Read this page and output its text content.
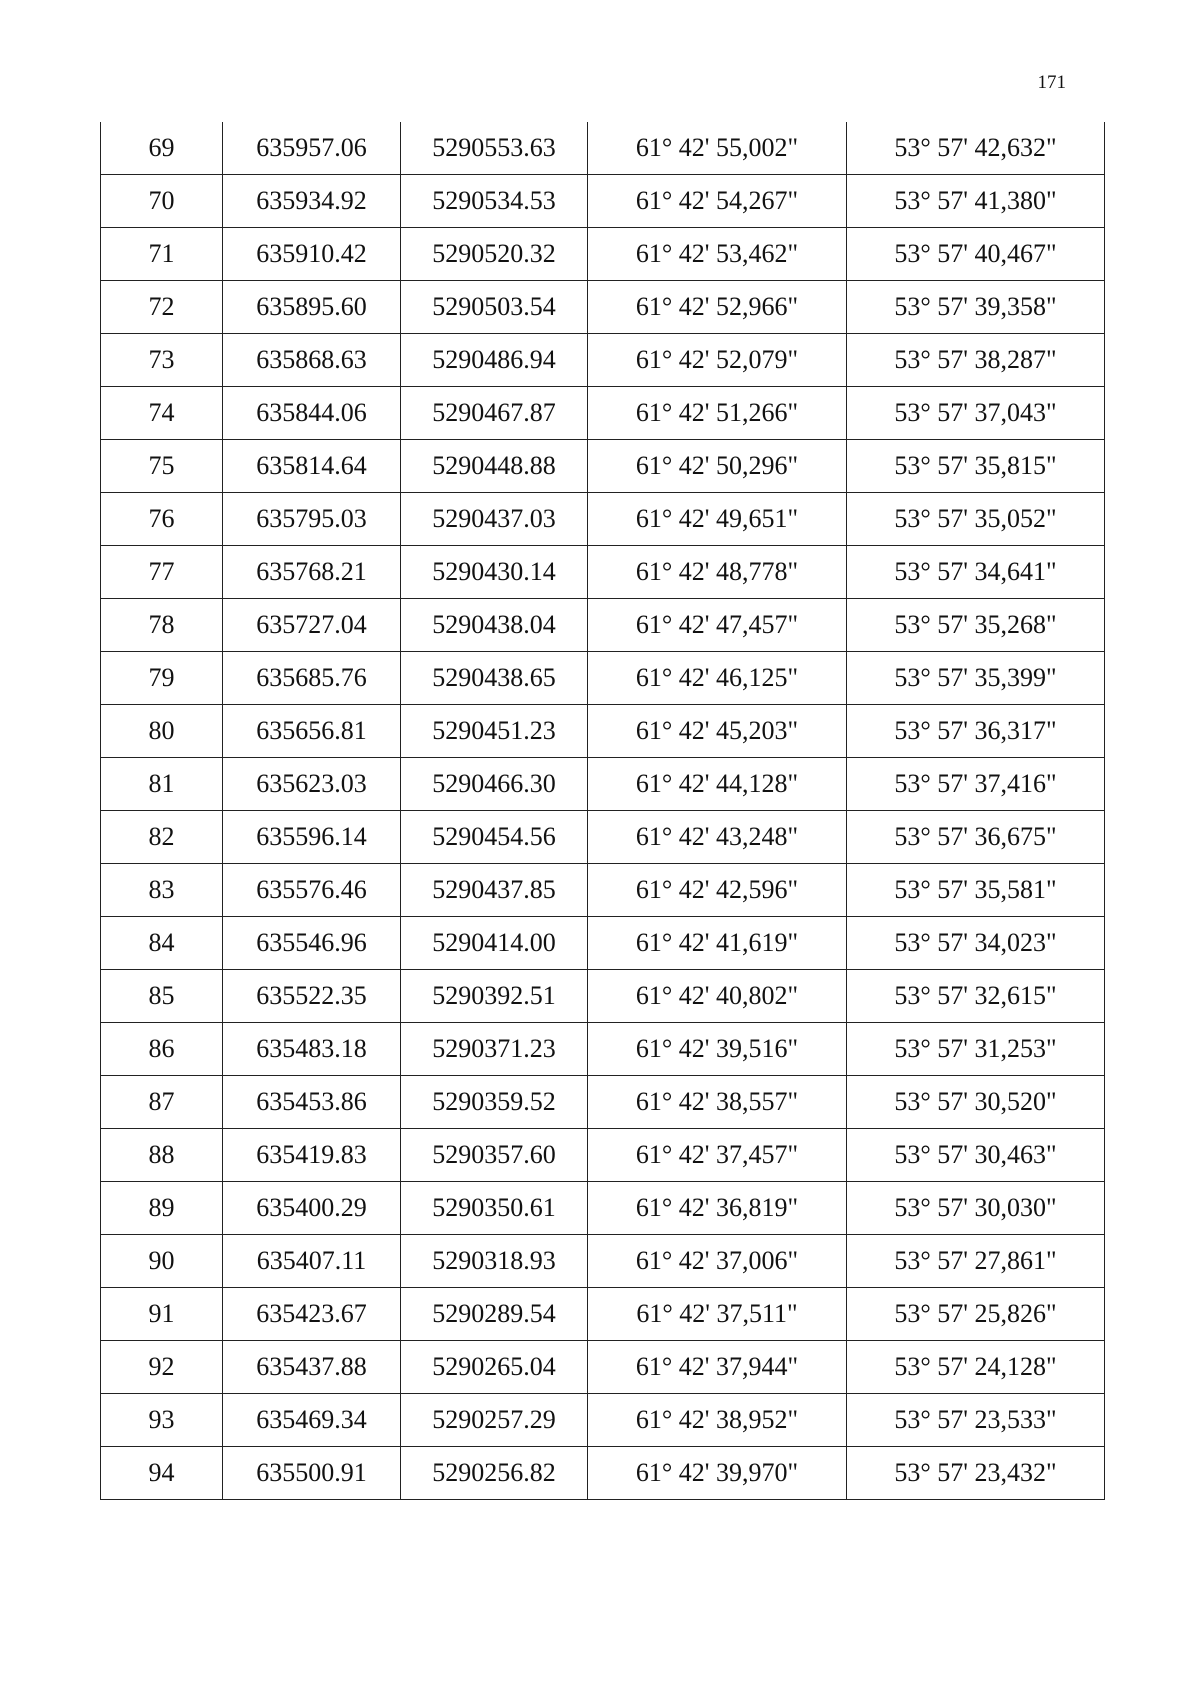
171
69	635957.06	5290553.63	61° 42' 55,002"	53° 57' 42,632"
70	635934.92	5290534.53	61° 42' 54,267"	53° 57' 41,380"
71	635910.42	5290520.32	61° 42' 53,462"	53° 57' 40,467"
72	635895.60	5290503.54	61° 42' 52,966"	53° 57' 39,358"
73	635868.63	5290486.94	61° 42' 52,079"	53° 57' 38,287"
74	635844.06	5290467.87	61° 42' 51,266"	53° 57' 37,043"
75	635814.64	5290448.88	61° 42' 50,296"	53° 57' 35,815"
76	635795.03	5290437.03	61° 42' 49,651"	53° 57' 35,052"
77	635768.21	5290430.14	61° 42' 48,778"	53° 57' 34,641"
78	635727.04	5290438.04	61° 42' 47,457"	53° 57' 35,268"
79	635685.76	5290438.65	61° 42' 46,125"	53° 57' 35,399"
80	635656.81	5290451.23	61° 42' 45,203"	53° 57' 36,317"
81	635623.03	5290466.30	61° 42' 44,128"	53° 57' 37,416"
82	635596.14	5290454.56	61° 42' 43,248"	53° 57' 36,675"
83	635576.46	5290437.85	61° 42' 42,596"	53° 57' 35,581"
84	635546.96	5290414.00	61° 42' 41,619"	53° 57' 34,023"
85	635522.35	5290392.51	61° 42' 40,802"	53° 57' 32,615"
86	635483.18	5290371.23	61° 42' 39,516"	53° 57' 31,253"
87	635453.86	5290359.52	61° 42' 38,557"	53° 57' 30,520"
88	635419.83	5290357.60	61° 42' 37,457"	53° 57' 30,463"
89	635400.29	5290350.61	61° 42' 36,819"	53° 57' 30,030"
90	635407.11	5290318.93	61° 42' 37,006"	53° 57' 27,861"
91	635423.67	5290289.54	61° 42' 37,511"	53° 57' 25,826"
92	635437.88	5290265.04	61° 42' 37,944"	53° 57' 24,128"
93	635469.34	5290257.29	61° 42' 38,952"	53° 57' 23,533"
94	635500.91	5290256.82	61° 42' 39,970"	53° 57' 23,432"
